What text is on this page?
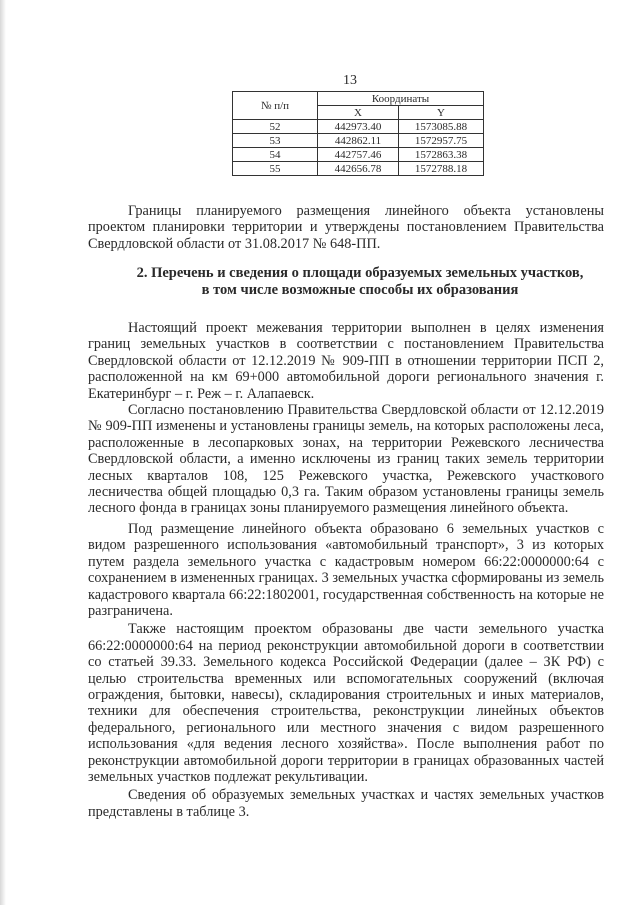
13
№ п/п	Координаты	
	X	Y
52	442973.40	1573085.88
53	442862.11	1572957.75
54	442757.46	1572863.38
55	442656.78	1572788.18

Границы планируемого размещения линейного объекта установлены проектом планировки территории и утверждены постановлением Правительства Свердловской области от 31.08.2017 № 648-ПП.

2. Перечень и сведения о площади образуемых земельных участков,
в том числе возможные способы их образования

Настоящий проект межевания территории выполнен в целях изменения границ земельных участков в соответствии с постановлением Правительства Свердловской области от 12.12.2019 № 909-ПП в отношении территории ПСП 2, расположенной на км 69+000 автомобильной дороги регионального значения г. Екатеринбург – г. Реж – г. Алапаевск.

Согласно постановлению Правительства Свердловской области от 12.12.2019 № 909-ПП изменены и установлены границы земель, на которых расположены леса, расположенные в лесопарковых зонах, на территории Режевского лесничества Свердловской области, а именно исключены из границ таких земель территории лесных кварталов 108, 125 Режевского участка, Режевского участкового лесничества общей площадью 0,3 га. Таким образом установлены границы земель лесного фонда в границах зоны планируемого размещения линейного объекта.

Под размещение линейного объекта образовано 6 земельных участков с видом разрешенного использования «автомобильный транспорт», 3 из которых путем раздела земельного участка с кадастровым номером 66:22:0000000:64 с сохранением в измененных границах. 3 земельных участка сформированы из земель кадастрового квартала 66:22:1802001, государственная собственность на которые не разграничена.

Также настоящим проектом образованы две части земельного участка 66:22:0000000:64 на период реконструкции автомобильной дороги в соответствии со статьей 39.33. Земельного кодекса Российской Федерации (далее – ЗК РФ) с целью строительства временных или вспомогательных сооружений (включая ограждения, бытовки, навесы), складирования строительных и иных материалов, техники для обеспечения строительства, реконструкции линейных объектов федерального, регионального или местного значения с видом разрешенного использования «для ведения лесного хозяйства». После выполнения работ по реконструкции автомобильной дороги территории в границах образованных частей земельных участков подлежат рекультивации.

Сведения об образуемых земельных участках и частях земельных участков представлены в таблице 3.
